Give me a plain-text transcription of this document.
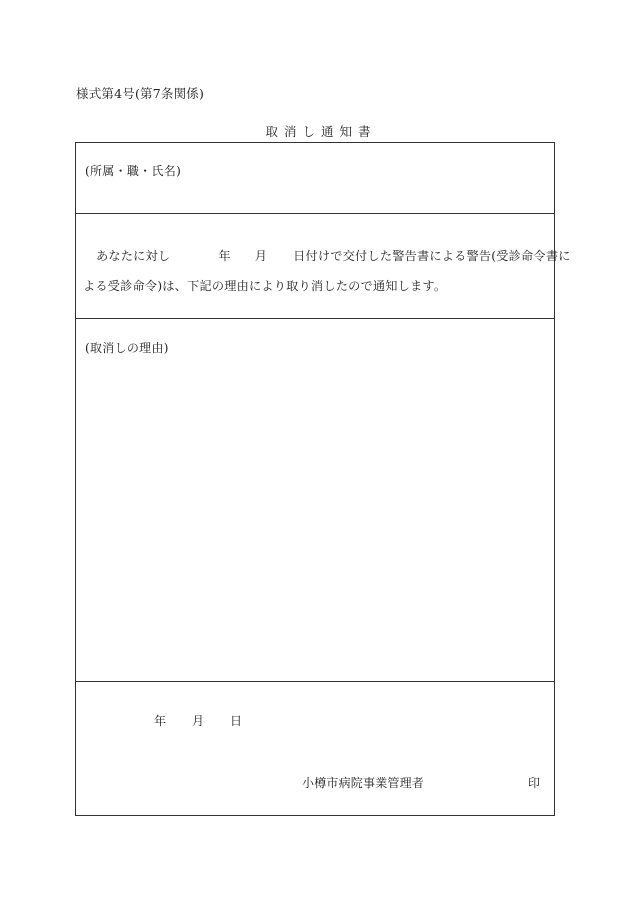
様式第4号(第7条関係)
取消し通知書
(所属・職・氏名)
あなたに対し	年 月 日付けで交付した警告書による警告(受診命令書に
よる受診命令)は、下記の理由により取り消したので通知します。
(取消しの理由)
年 月 日
小樽市病院事業管理者	印
